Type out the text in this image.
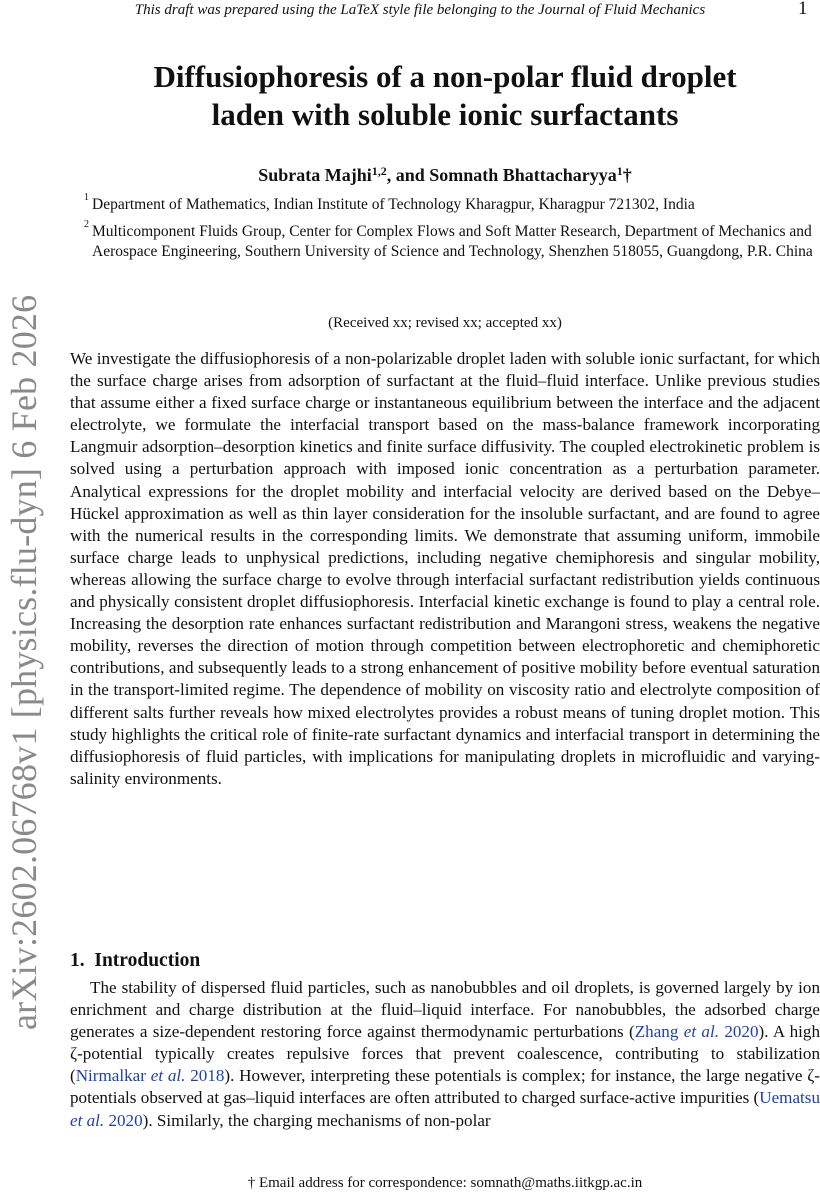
This draft was prepared using the LaTeX style file belonging to the Journal of Fluid Mechanics	1
arXiv:2602.06768v1 [physics.flu-dyn] 6 Feb 2026
Diffusiophoresis of a non-polar fluid droplet
laden with soluble ionic surfactants
Subrata Majhi$^{1,2}$, and Somnath Bhattacharyya$^1$†
1 Department of Mathematics, Indian Institute of Technology Kharagpur, Kharagpur 721302, India
2 Multicomponent Fluids Group, Center for Complex Flows and Soft Matter Research, Department of Mechanics and Aerospace Engineering, Southern University of Science and Technology, Shenzhen 518055, Guangdong, P.R. China
(Received xx; revised xx; accepted xx)

We investigate the diffusiophoresis of a non-polarizable droplet laden with soluble ionic surfactant, for which the surface charge arises from adsorption of surfactant at the fluid–fluid interface. Unlike previous studies that assume either a fixed surface charge or instantaneous equilibrium between the interface and the adjacent electrolyte, we formulate the interfacial transport based on the mass-balance framework incorporating Langmuir adsorption–desorption kinetics and finite surface diffusivity. The coupled electrokinetic problem is solved using a perturbation approach with imposed ionic concentration as a perturbation parameter. Analytical expressions for the droplet mobility and interfacial velocity are derived based on the Debye–Hückel approximation as well as thin layer consideration for the insoluble surfactant, and are found to agree with the numerical results in the corresponding limits. We demonstrate that assuming uniform, immobile surface charge leads to unphysical predictions, including negative chemiphoresis and singular mobility, whereas allowing the surface charge to evolve through interfacial surfactant redistribution yields continuous and physically consistent droplet diffusiophoresis. Interfacial kinetic exchange is found to play a central role. Increasing the desorption rate enhances surfactant redistribution and Marangoni stress, weakens the negative mobility, reverses the direction of motion through competition between electrophoretic and chemiphoretic contributions, and subsequently leads to a strong enhancement of positive mobility before eventual saturation in the transport-limited regime. The dependence of mobility on viscosity ratio and electrolyte composition of different salts further reveals how mixed electrolytes provides a robust means of tuning droplet motion. This study highlights the critical role of finite-rate surfactant dynamics and interfacial transport in determining the diffusiophoresis of fluid particles, with implications for manipulating droplets in microfluidic and varying-salinity environments.

1. Introduction

The stability of dispersed fluid particles, such as nanobubbles and oil droplets, is governed largely by ion enrichment and charge distribution at the fluid–liquid interface. For nanobubbles, the adsorbed charge generates a size-dependent restoring force against thermodynamic perturbations (Zhang et al. 2020). A high ζ-potential typically creates repulsive forces that prevent coalescence, contributing to stabilization (Nirmalkar et al. 2018). However, interpreting these potentials is complex; for instance, the large negative ζ-potentials observed at gas–liquid interfaces are often attributed to charged surface-active impurities (Uematsu et al. 2020). Similarly, the charging mechanisms of non-polar

† Email address for correspondence: somnath@maths.iitkgp.ac.in
